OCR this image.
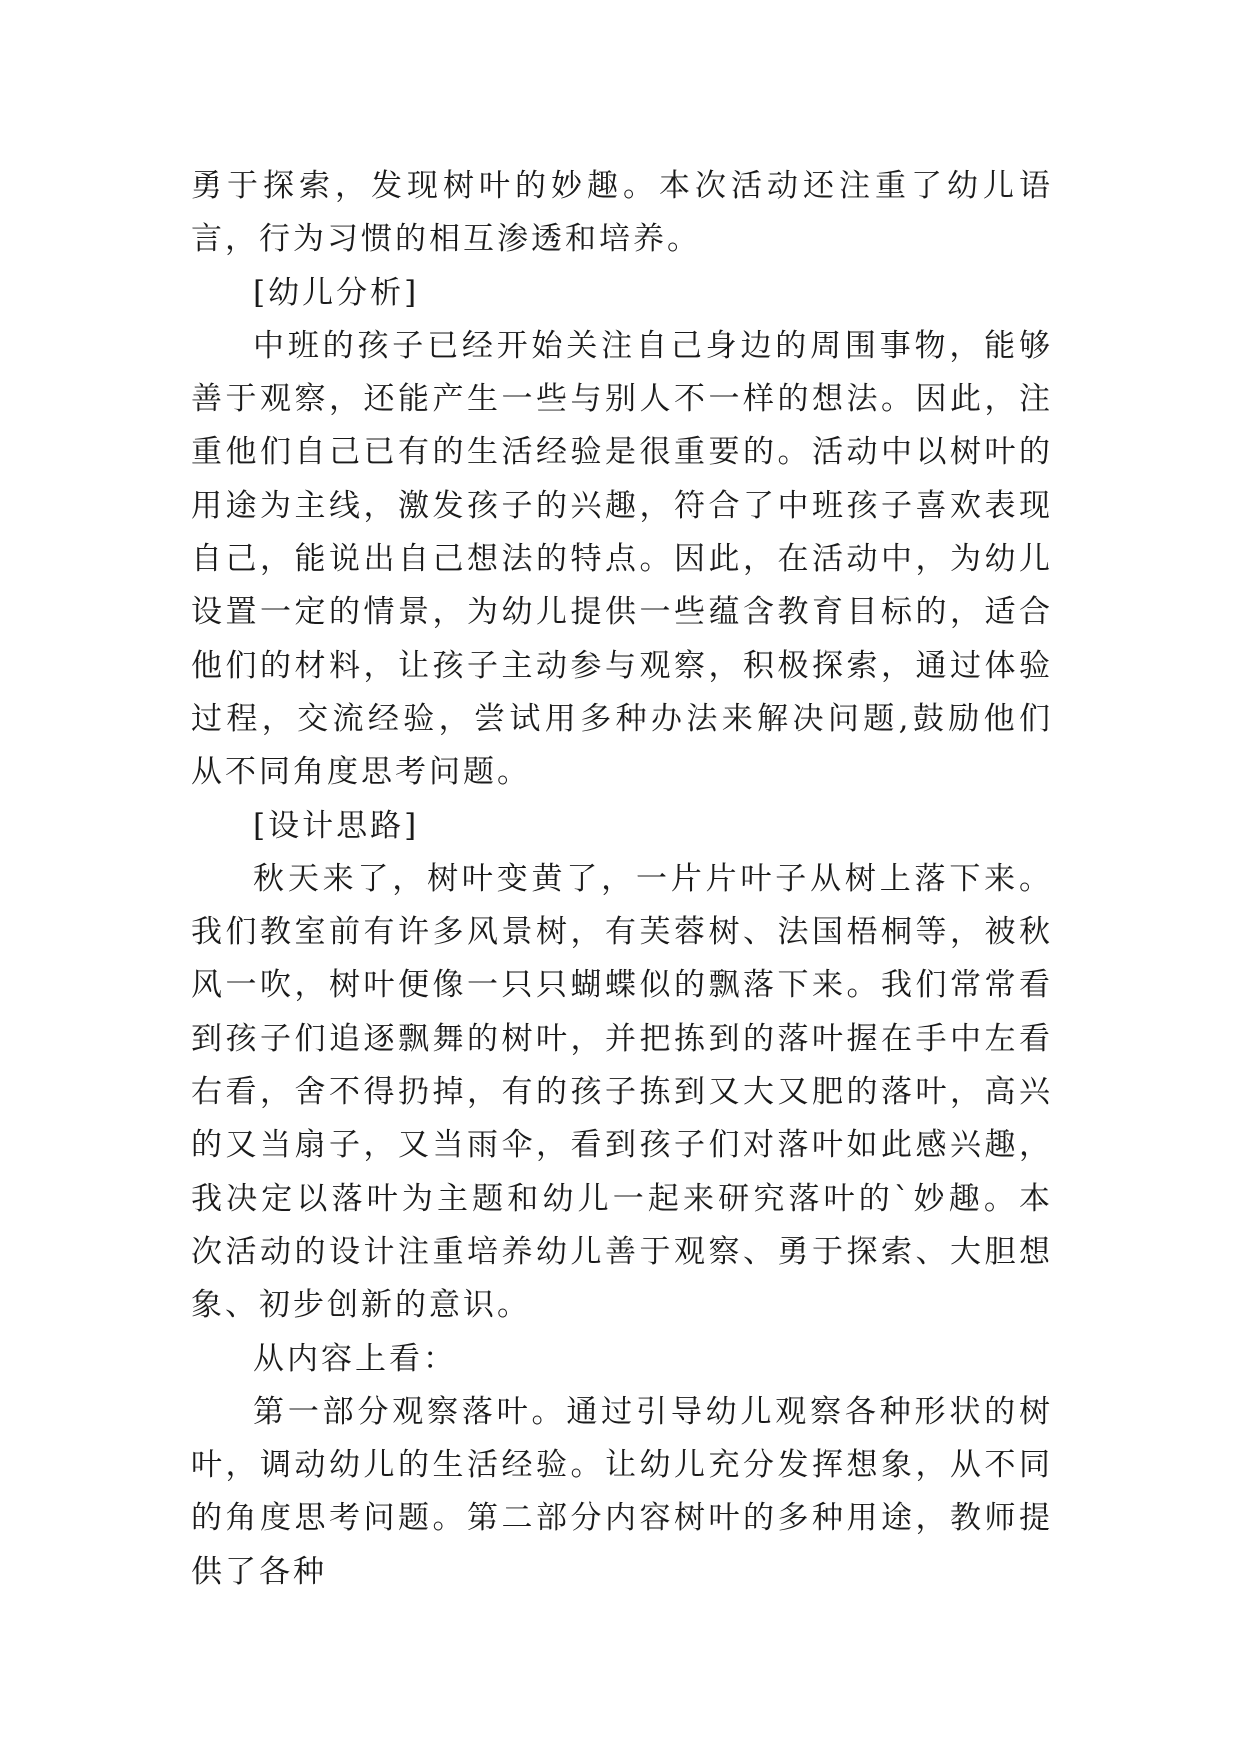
勇于探索，发现树叶的妙趣。本次活动还注重了幼儿语言，行为习惯的相互渗透和培养。

[幼儿分析]

中班的孩子已经开始关注自己身边的周围事物，能够善于观察，还能产生一些与别人不一样的想法。因此，注重他们自己已有的生活经验是很重要的。活动中以树叶的用途为主线，激发孩子的兴趣，符合了中班孩子喜欢表现自己，能说出自己想法的特点。因此，在活动中，为幼儿设置一定的情景，为幼儿提供一些蕴含教育目标的，适合他们的材料，让孩子主动参与观察，积极探索，通过体验过程，交流经验，尝试用多种办法来解决问题,鼓励他们从不同角度思考问题。

[设计思路]

秋天来了，树叶变黄了，一片片叶子从树上落下来。我们教室前有许多风景树，有芙蓉树、法国梧桐等，被秋风一吹，树叶便像一只只蝴蝶似的飘落下来。我们常常看到孩子们追逐飘舞的树叶，并把拣到的落叶握在手中左看右看，舍不得扔掉，有的孩子拣到又大又肥的落叶，高兴的又当扇子，又当雨伞，看到孩子们对落叶如此感兴趣，我决定以落叶为主题和幼儿一起来研究落叶的`妙趣。本次活动的设计注重培养幼儿善于观察、勇于探索、大胆想象、初步创新的意识。

从内容上看：

第一部分观察落叶。通过引导幼儿观察各种形状的树叶，调动幼儿的生活经验。让幼儿充分发挥想象，从不同的角度思考问题。第二部分内容树叶的多种用途，教师提供了各种
